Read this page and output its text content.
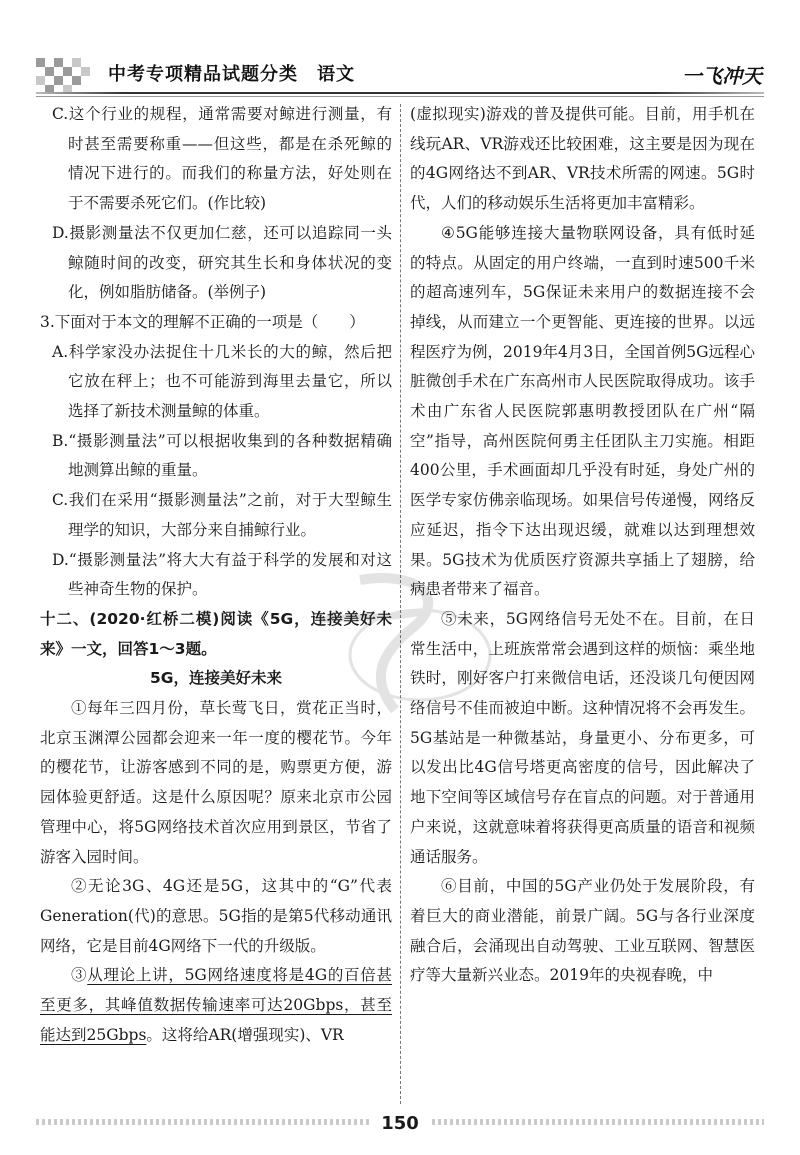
中考专项精品试题分类　语文	一飞冲天

C.这个行业的规程，通常需要对鲸进行测量，有时甚至需要称重——但这些，都是在杀死鲸的情况下进行的。而我们的称量方法，好处则在于不需要杀死它们。(作比较)

D.摄影测量法不仅更加仁慈，还可以追踪同一头鲸随时间的改变，研究其生长和身体状况的变化，例如脂肪储备。(举例子)

3.下面对于本文的理解不正确的一项是（　　）

A.科学家没办法捉住十几米长的大的鲸，然后把它放在秤上；也不可能游到海里去量它，所以选择了新技术测量鲸的体重。

B.“摄影测量法”可以根据收集到的各种数据精确地测算出鲸的重量。

C.我们在采用“摄影测量法”之前，对于大型鲸生理学的知识，大部分来自捕鲸行业。

D.“摄影测量法”将大大有益于科学的发展和对这些神奇生物的保护。

十二、(2020·红桥二模)阅读《5G，连接美好未来》一文，回答1～3题。

5G，连接美好未来

①每年三四月份，草长莺飞日，赏花正当时，北京玉渊潭公园都会迎来一年一度的樱花节。今年的樱花节，让游客感到不同的是，购票更方便，游园体验更舒适。这是什么原因呢？原来北京市公园管理中心，将5G网络技术首次应用到景区，节省了游客入园时间。

②无论3G、4G还是5G，这其中的“G”代表Generation(代)的意思。5G指的是第5代移动通讯网络，它是目前4G网络下一代的升级版。

③从理论上讲，5G网络速度将是4G的百倍甚至更多，其峰值数据传输速率可达20Gbps，甚至能达到25Gbps。这将给AR(增强现实)、VR

(虚拟现实)游戏的普及提供可能。目前，用手机在线玩AR、VR游戏还比较困难，这主要是因为现在的4G网络达不到AR、VR技术所需的网速。5G时代，人们的移动娱乐生活将更加丰富精彩。

④5G能够连接大量物联网设备，具有低时延的特点。从固定的用户终端，一直到时速500千米的超高速列车，5G保证未来用户的数据连接不会掉线，从而建立一个更智能、更连接的世界。以远程医疗为例，2019年4月3日，全国首例5G远程心脏微创手术在广东高州市人民医院取得成功。该手术由广东省人民医院郭惠明教授团队在广州“隔空”指导，高州医院何勇主任团队主刀实施。相距400公里，手术画面却几乎没有时延，身处广州的医学专家仿佛亲临现场。如果信号传递慢，网络反应延迟，指令下达出现迟缓，就难以达到理想效果。5G技术为优质医疗资源共享插上了翅膀，给病患者带来了福音。

⑤未来，5G网络信号无处不在。目前，在日常生活中，上班族常常会遇到这样的烦恼：乘坐地铁时，刚好客户打来微信电话，还没谈几句便因网络信号不佳而被迫中断。这种情况将不会再发生。5G基站是一种微基站，身量更小、分布更多，可以发出比4G信号塔更高密度的信号，因此解决了地下空间等区域信号存在盲点的问题。对于普通用户来说，这就意味着将获得更高质量的语音和视频通话服务。

⑥目前，中国的5G产业仍处于发展阶段，有着巨大的商业潜能，前景广阔。5G与各行业深度融合后，会涌现出自动驾驶、工业互联网、智慧医疗等大量新兴业态。2019年的央视春晚，中

150
